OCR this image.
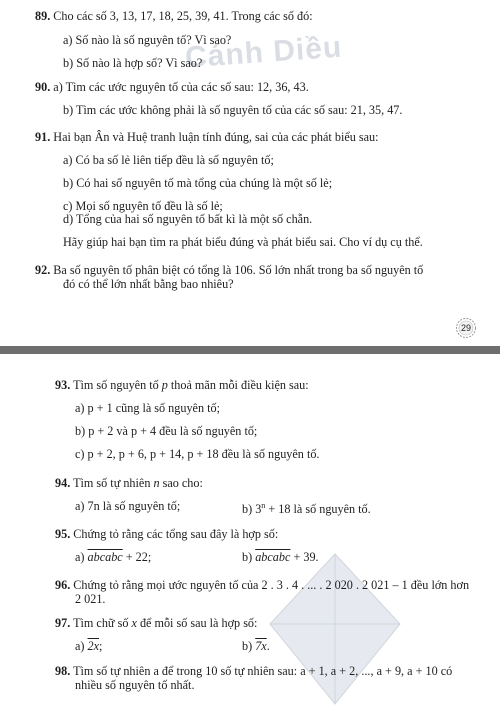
Cánh Diều
89. Cho các số 3, 13, 17, 18, 25, 39, 41. Trong các số đó:
a) Số nào là số nguyên tố? Vì sao?
b) Số nào là hợp số? Vì sao?
90. a) Tìm các ước nguyên tố của các số sau: 12, 36, 43.
b) Tìm các ước không phải là số nguyên tố của các số sau: 21, 35, 47.
91. Hai bạn Ân và Huệ tranh luận tính đúng, sai của các phát biểu sau:
a) Có ba số lẻ liên tiếp đều là số nguyên tố;
b) Có hai số nguyên tố mà tổng của chúng là một số lẻ;
c) Mọi số nguyên tố đều là số lẻ;
d) Tổng của hai số nguyên tố bất kì là một số chẵn.
Hãy giúp hai bạn tìm ra phát biểu đúng và phát biểu sai. Cho ví dụ cụ thể.
92. Ba số nguyên tố phân biệt có tổng là 106. Số lớn nhất trong ba số nguyên tố
đó có thể lớn nhất bằng bao nhiêu?
29
93. Tìm số nguyên tố p thoả mãn mỗi điều kiện sau:
a) p + 1 cũng là số nguyên tố;
b) p + 2 và p + 4 đều là số nguyên tố;
c) p + 2, p + 6, p + 14, p + 18 đều là số nguyên tố.
94. Tìm số tự nhiên n sao cho:
a) 7n là số nguyên tố;	b) $3^n + 18$ là số nguyên tố.
95. Chứng tỏ rằng các tổng sau đây là hợp số:
a) abcabc + 22;	b) abcabc + 39.
96. Chứng tỏ rằng mọi ước nguyên tố của 2 . 3 . 4 . ... . 2 020 . 2 021 – 1 đều lớn hơn
2 021.
97. Tìm chữ số x để mỗi số sau là hợp số:
a) 2x;	b) 7x.
98. Tìm số tự nhiên a để trong 10 số tự nhiên sau: a + 1, a + 2, ..., a + 9, a + 10 có
nhiều số nguyên tố nhất.
